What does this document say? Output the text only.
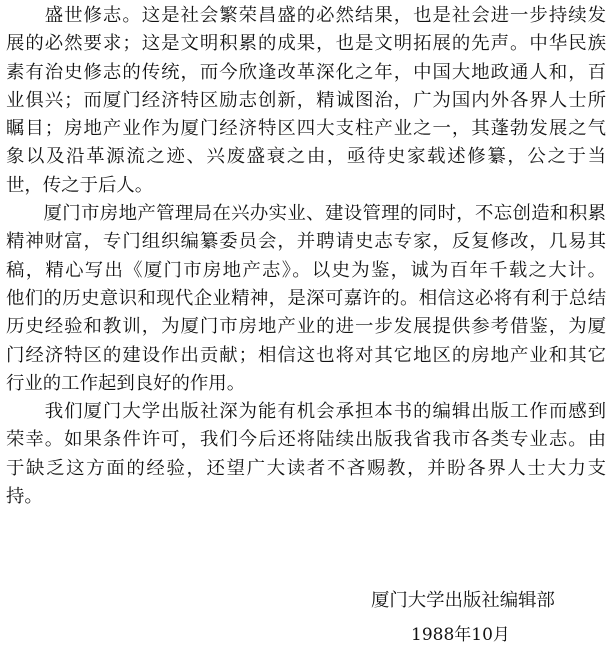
　　盛世修志。这是社会繁荣昌盛的必然结果，也是社会进一步持续发
展的必然要求；这是文明积累的成果，也是文明拓展的先声。中华民族
素有治史修志的传统，而今欣逢改革深化之年，中国大地政通人和，百
业俱兴；而厦门经济特区励志创新，精诚图治，广为国内外各界人士所
瞩目；房地产业作为厦门经济特区四大支柱产业之一，其蓬勃发展之气
象以及沿革源流之迹、兴废盛衰之由，亟待史家载述修纂，公之于当
世，传之于后人。
　　厦门市房地产管理局在兴办实业、建设管理的同时，不忘创造和积累
精神财富，专门组织编纂委员会，并聘请史志专家，反复修改，几易其
稿，精心写出《厦门市房地产志》。以史为鉴，诚为百年千载之大计。
他们的历史意识和现代企业精神，是深可嘉许的。相信这必将有利于总结
历史经验和教训，为厦门市房地产业的进一步发展提供参考借鉴，为厦
门经济特区的建设作出贡献；相信这也将对其它地区的房地产业和其它
行业的工作起到良好的作用。
　　我们厦门大学出版社深为能有机会承担本书的编辑出版工作而感到
荣幸。如果条件许可，我们今后还将陆续出版我省我市各类专业志。由
于缺乏这方面的经验，还望广大读者不吝赐教，并盼各界人士大力支
持。
厦门大学出版社编辑部
1988年10月
